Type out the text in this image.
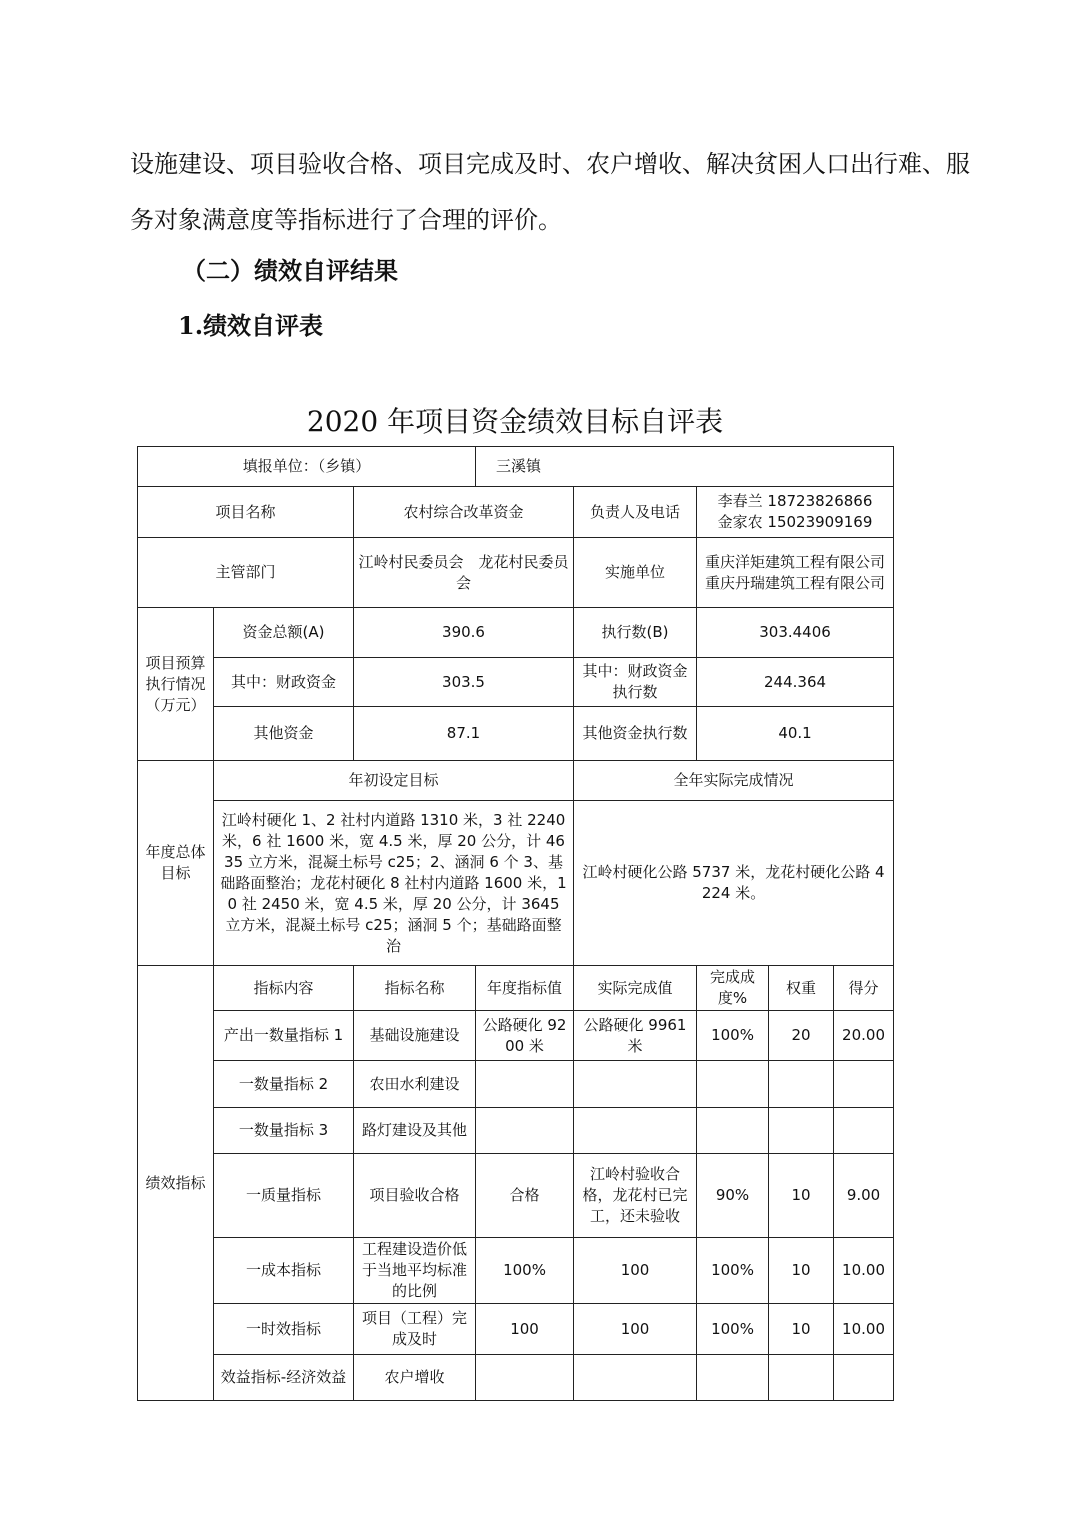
设施建设、项目验收合格、项目完成及时、农户增收、解决贫困人口出行难、服务对象满意度等指标进行了合理的评价。

（二）绩效自评结果

1.绩效自评表

2020 年项目资金绩效目标自评表

填报单位：（乡镇）			三溪镇				
项目名称		农村综合改革资金		负责人及电话	李春兰 18723826866
金家农 15023909169		

主管部门		江岭村民委员会　龙花村民委员会		实施单位	重庆洋矩建筑工程有限公司 重庆丹瑞建筑工程有限公司		
项目预算执行情况（万元）	资金总额(A)	390.6		执行数(B)	303.4406		
	其中：财政资金	303.5		其中：财政资金执行数	244.364		
	其他资金	87.1		其他资金执行数	40.1		
年度总体目标	年初设定目标			全年实际完成情况			
	江岭村硬化 1、2 社村内道路 1310 米，3 社 2240 米，6 社 1600 米，宽 4.5 米，厚 20 公分，计 4635 立方米，混凝土标号 c25；2、涵洞 6 个 3、基础路面整治；龙花村硬化 8 社村内道路 1600 米，10 社 2450 米，宽 4.5 米，厚 20 公分，计 3645 立方米，混凝土标号 c25；涵洞 5 个；基础路面整治			江岭村硬化公路 5737 米，龙花村硬化公路 4224 米。			
绩效指标	指标内容	指标名称	年度指标值	实际完成值	完成成度%	权重	得分
	产出一数量指标 1	基础设施建设	公路硬化 9200 米	公路硬化 9961 米	100%	20	20.00
	一数量指标 2	农田水利建设					
	一数量指标 3	路灯建设及其他					
	一质量指标	项目验收合格	合格	江岭村验收合格，龙花村已完工，还未验收	90%	10	9.00
	一成本指标	工程建设造价低于当地平均标准的比例	100%	100	100%	10	10.00
	一时效指标	项目（工程）完成及时	100	100	100%	10	10.00
	效益指标-经济效益	农户增收					
